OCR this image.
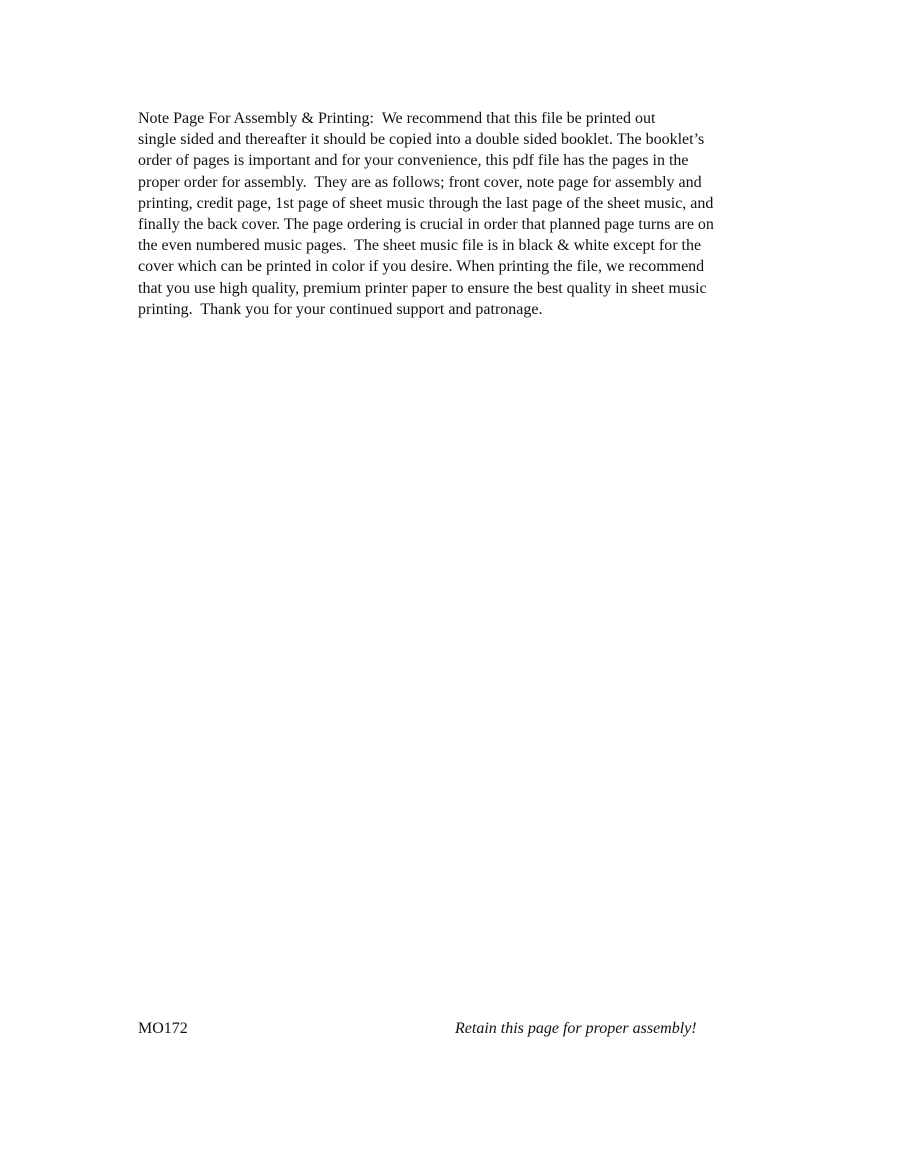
Note Page For Assembly & Printing:  We recommend that this file be printed out
single sided and thereafter it should be copied into a double sided booklet. The booklet’s
order of pages is important and for your convenience, this pdf file has the pages in the
proper order for assembly.  They are as follows; front cover, note page for assembly and
printing, credit page, 1st page of sheet music through the last page of the sheet music, and
finally the back cover. The page ordering is crucial in order that planned page turns are on
the even numbered music pages.  The sheet music file is in black & white except for the
cover which can be printed in color if you desire. When printing the file, we recommend
that you use high quality, premium printer paper to ensure the best quality in sheet music
printing.  Thank you for your continued support and patronage.
MO172	Retain this page for proper assembly!
